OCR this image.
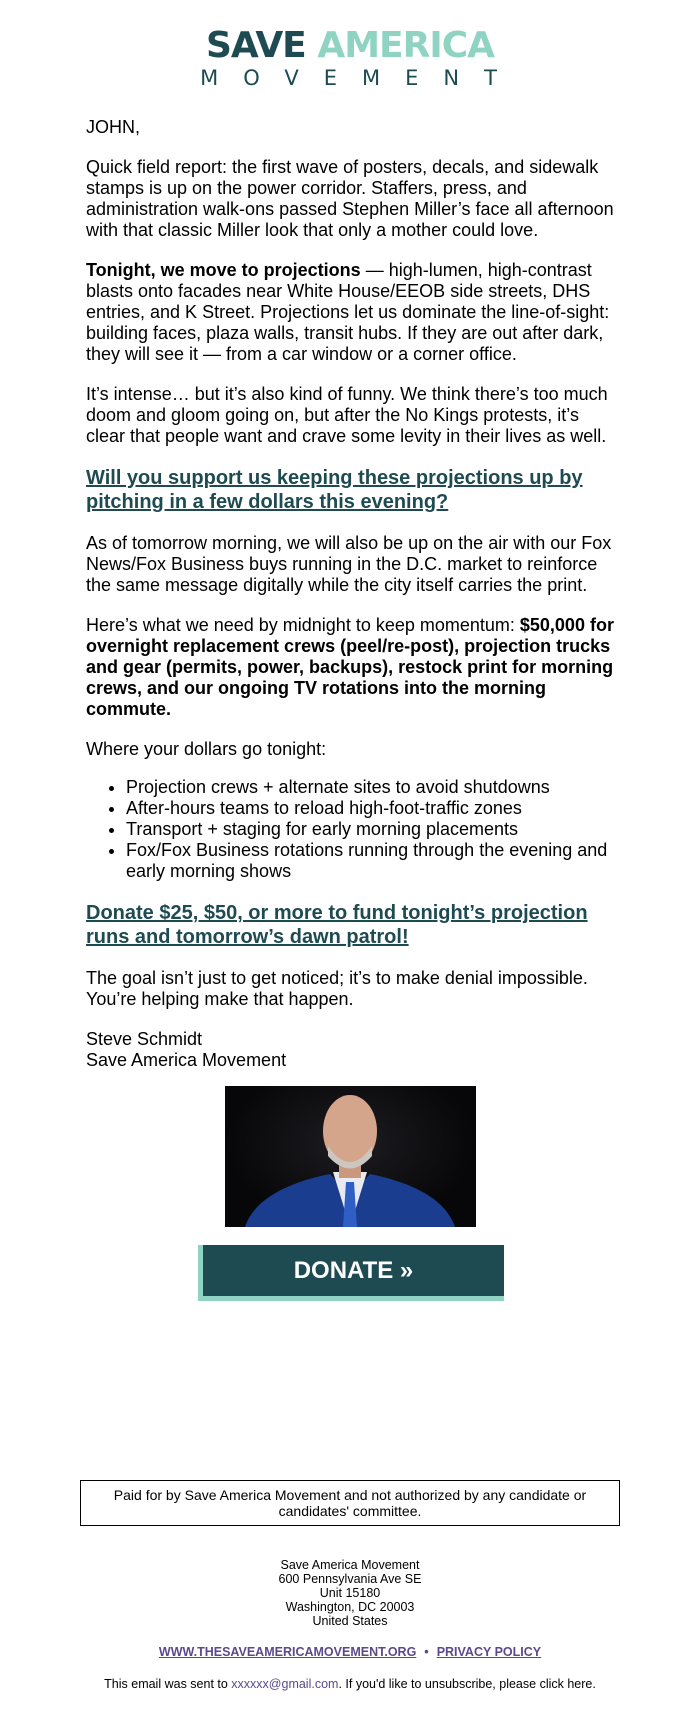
SAVE AMERICA
MOVEMENT

JOHN,

Quick field report: the first wave of posters, decals, and sidewalk stamps is up on the power corridor. Staffers, press, and administration walk-ons passed Stephen Miller’s face all afternoon with that classic Miller look that only a mother could love.

Tonight, we move to projections — high-lumen, high-contrast blasts onto facades near White House/EEOB side streets, DHS entries, and K Street. Projections let us dominate the line-of-sight: building faces, plaza walls, transit hubs. If they are out after dark, they will see it — from a car window or a corner office.

It’s intense… but it’s also kind of funny. We think there’s too much doom and gloom going on, but after the No Kings protests, it’s clear that people want and crave some levity in their lives as well.

Will you support us keeping these projections up by pitching in a few dollars this evening?

As of tomorrow morning, we will also be up on the air with our Fox News/Fox Business buys running in the D.C. market to reinforce the same message digitally while the city itself carries the print.

Here’s what we need by midnight to keep momentum: $50,000 for overnight replacement crews (peel/re-post), projection trucks and gear (permits, power, backups), restock print for morning crews, and our ongoing TV rotations into the morning commute.

Where your dollars go tonight:

• Projection crews + alternate sites to avoid shutdowns
• After-hours teams to reload high-foot-traffic zones
• Transport + staging for early morning placements
• Fox/Fox Business rotations running through the evening and early morning shows
Donate $25, $50, or more to fund tonight’s projection runs and tomorrow’s dawn patrol!

The goal isn’t just to get noticed; it’s to make denial impossible. You’re helping make that happen.

Steve Schmidt
Save America Movement
DONATE »
Paid for by Save America Movement and not authorized by any candidate or candidates' committee.
Save America Movement
600 Pennsylvania Ave SE
Unit 15180
Washington, DC 20003
United States
WWW.THESAVEAMERICAMOVEMENT.ORG • PRIVACY POLICY
This email was sent to xxxxxx@gmail.com. If you'd like to unsubscribe, please click here.
